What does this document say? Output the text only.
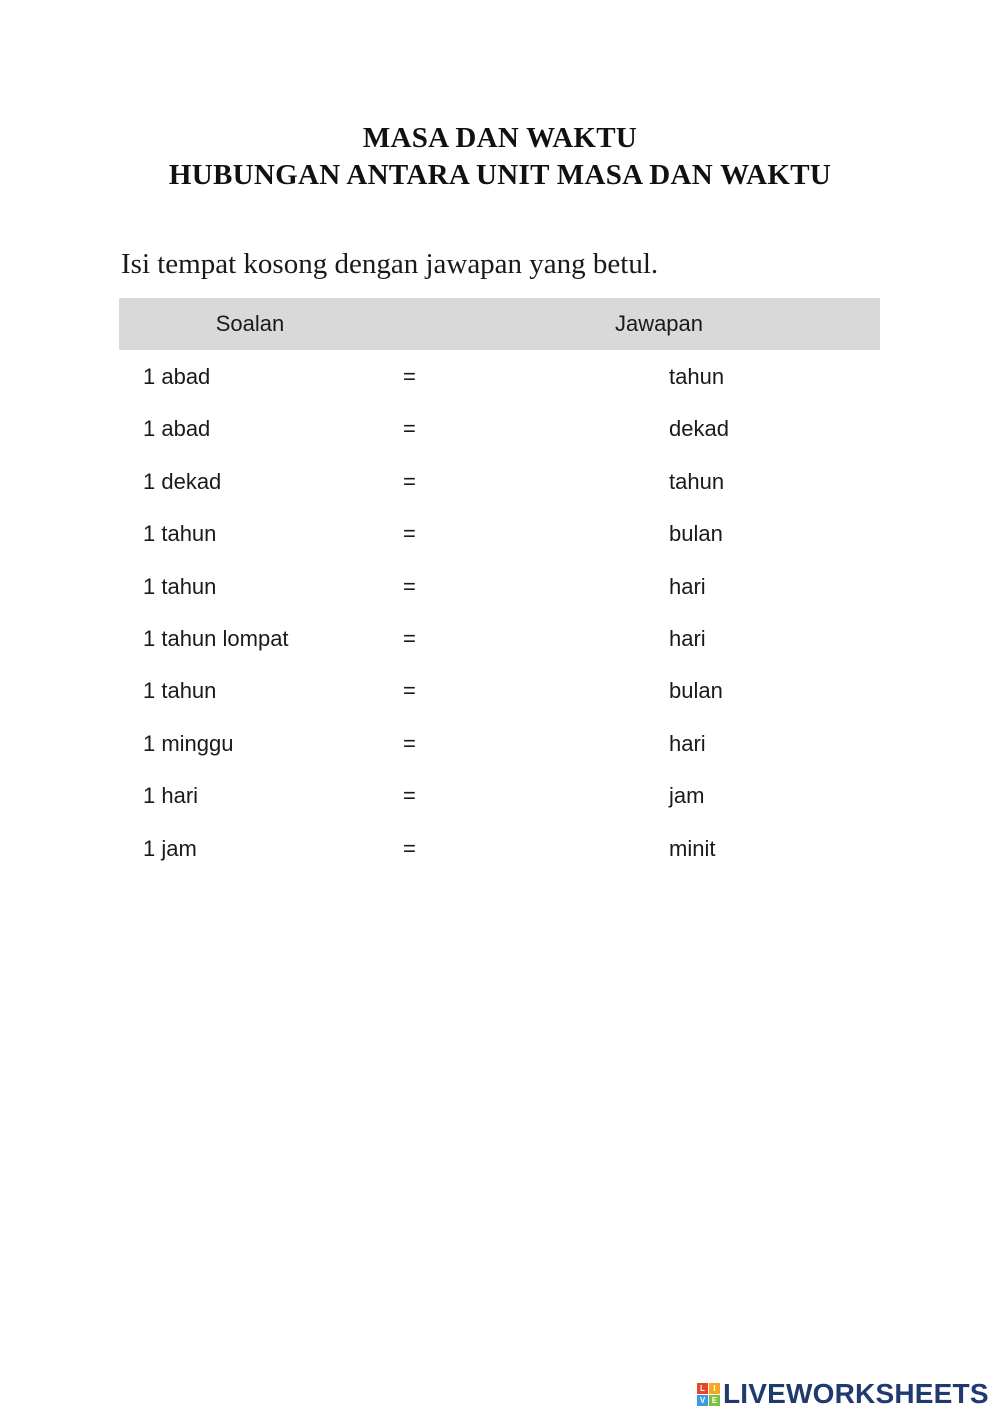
MASA DAN WAKTU
HUBUNGAN ANTARA UNIT MASA DAN WAKTU
Isi tempat kosong dengan jawapan yang betul.
Soalan	Jawapan
1 abad	=	tahun
1 abad	=	dekad
1 dekad	=	tahun
1 tahun	=	bulan
1 tahun	=	hari
1 tahun lompat	=	hari
1 tahun	=	bulan
1 minggu	=	hari
1 hari	=	jam
1 jam	=	minit
L	I
V E LIVEWORKSHEETS
